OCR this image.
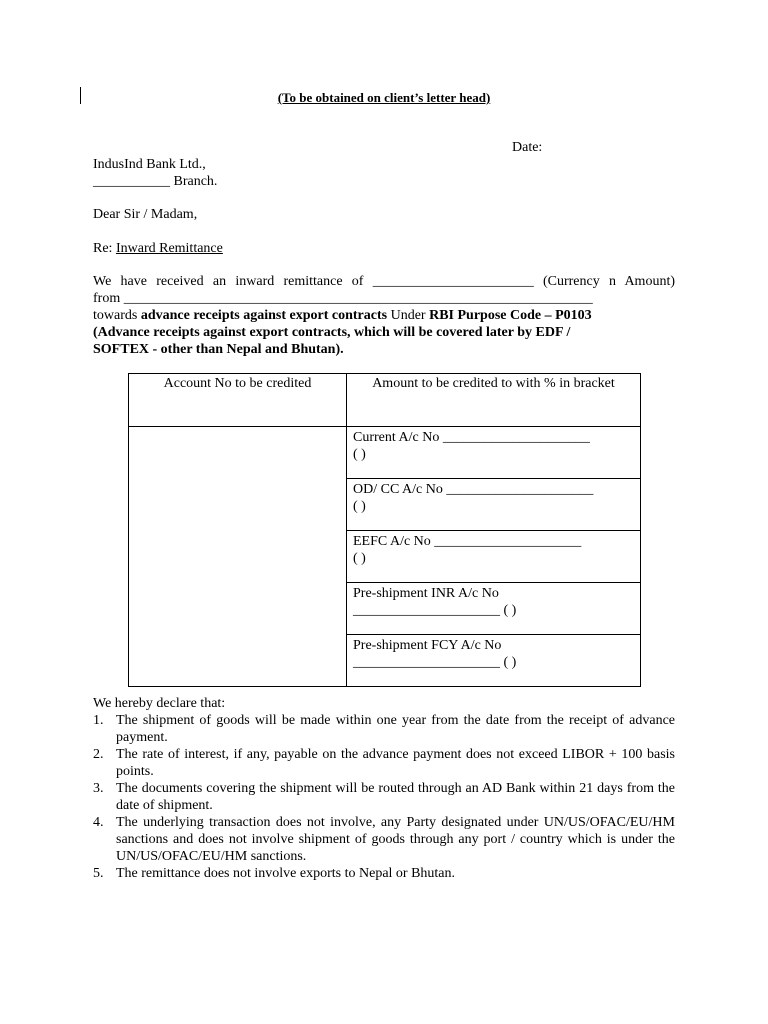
(To be obtained on client’s letter head)
Date:
IndusInd Bank Ltd.,
___________ Branch.
Dear Sir / Madam,
Re: Inward Remittance
We have received an inward remittance of _______________________ (Currency n Amount)
from ___________________________________________________________________
towards advance receipts against export contracts Under RBI Purpose Code – P0103
(Advance receipts against export contracts, which will be covered later by EDF /
SOFTEX - other than Nepal and Bhutan).
Account No to be credited	Amount to be credited to with % in bracket
	Current A/c No _____________________
( )

	OD/ CC A/c No _____________________
( )

	EEFC A/c No _____________________
( )

	Pre-shipment INR A/c No
_____________________ ( )

	Pre-shipment FCY A/c No
_____________________ ( )
We hereby declare that:
1. The shipment of goods will be made within one year from the date from the receipt of advance payment.
2. The rate of interest, if any, payable on the advance payment does not exceed LIBOR + 100 basis points.
3. The documents covering the shipment will be routed through an AD Bank within 21 days from the date of shipment.
4. The underlying transaction does not involve, any Party designated under UN/US/OFAC/EU/HM sanctions and does not involve shipment of goods through any port / country which is under the UN/US/OFAC/EU/HM sanctions.
5. The remittance does not involve exports to Nepal or Bhutan.
